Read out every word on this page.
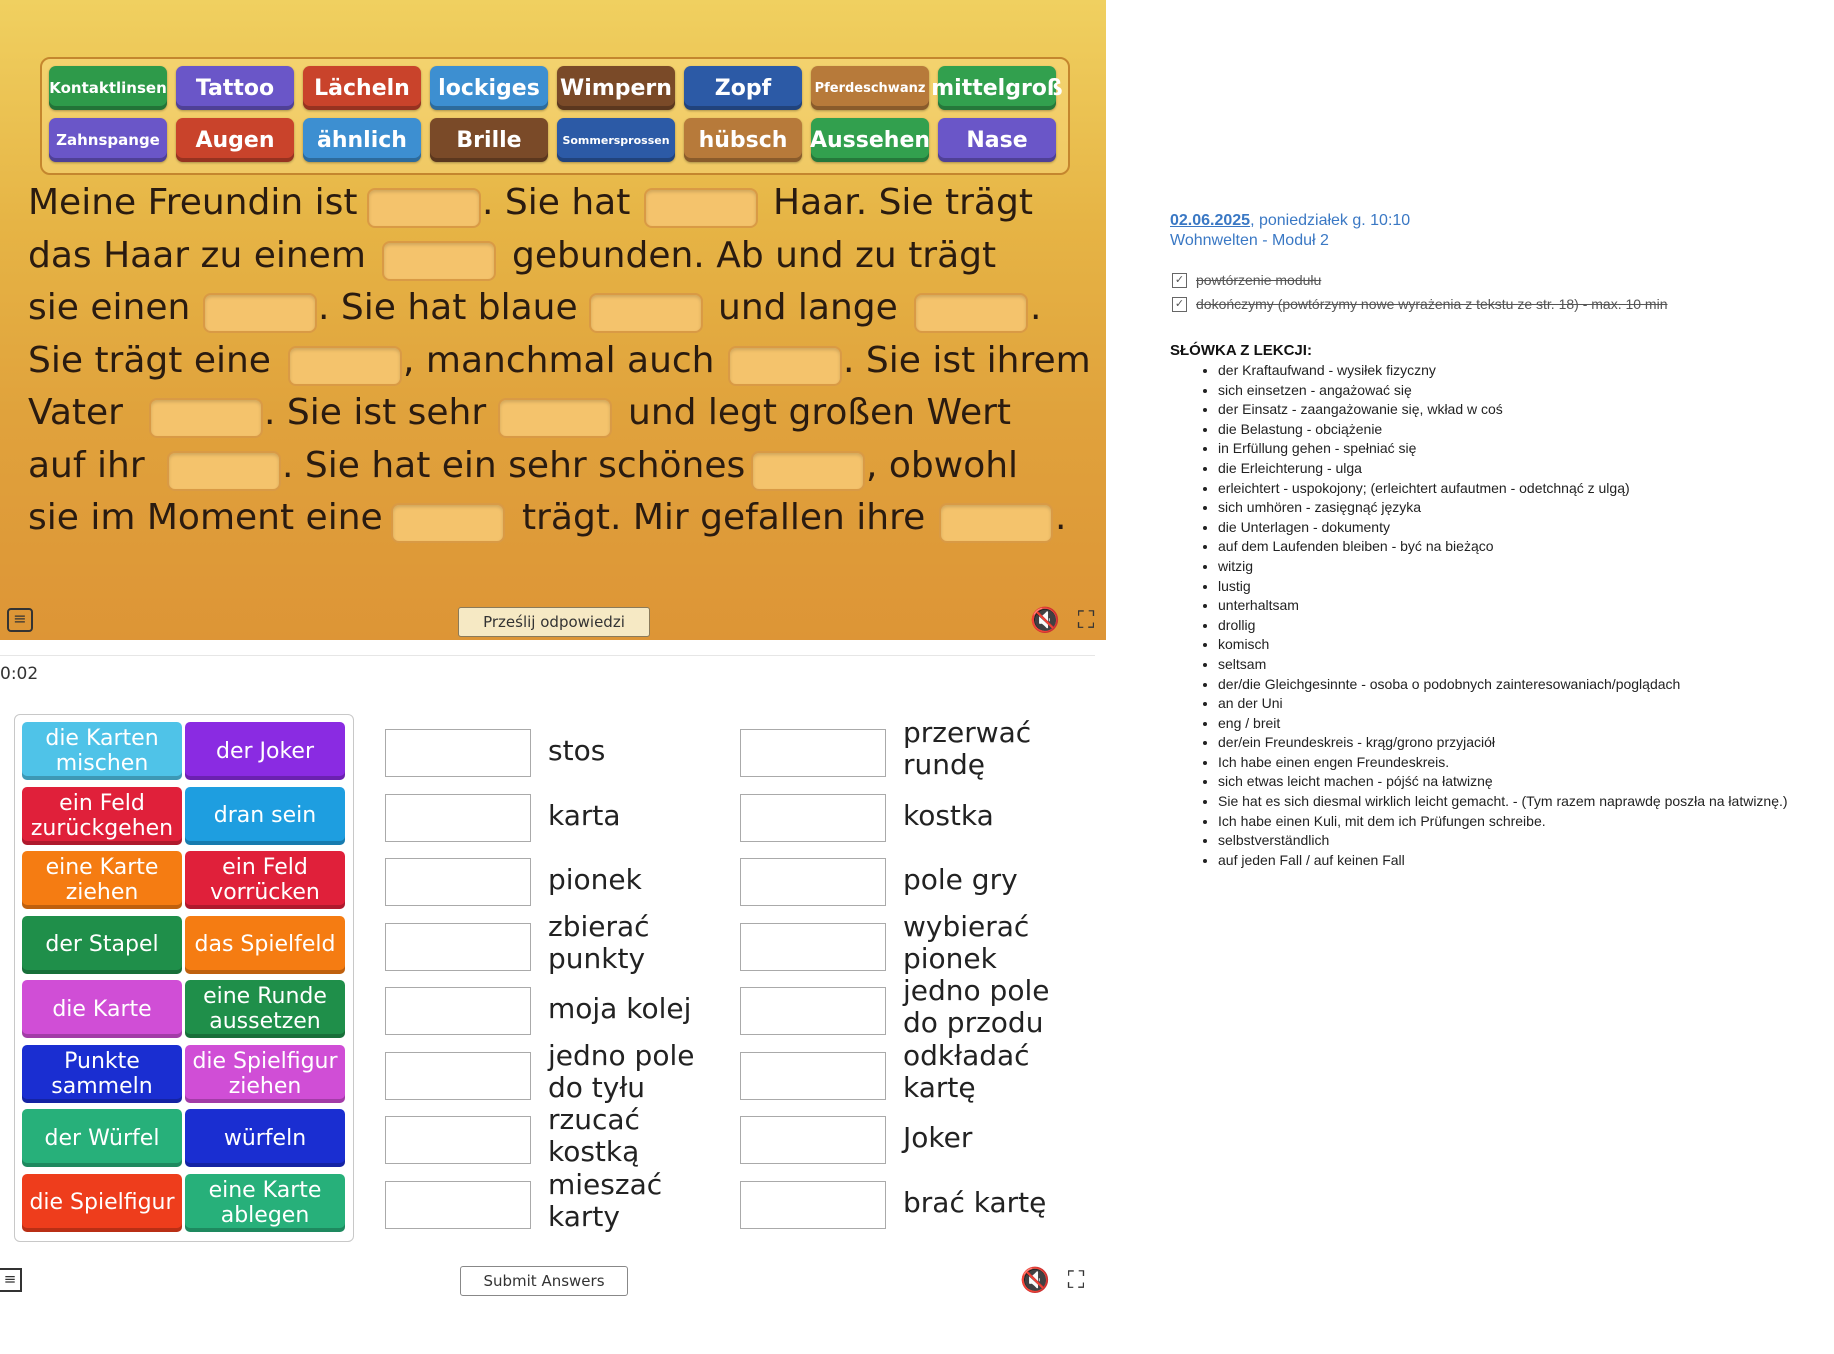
Kontaktlinsen	Tattoo	Lächeln	lockiges Wimpern	Zopf	Pferdeschwanz mittelgroß
Zahnspange	Augen	ähnlich	Brille	Sommersprossen	hübsch	Aussehen	Nase
Meine Freundin ist	. Sie hat	Haar. Sie trägt
das Haar zu einem	gebunden. Ab und zu trägt
sie einen	. Sie hat blaue	und lange	.
Sie trägt eine	, manchmal auch	. Sie ist ihrem
Vater	. Sie ist sehr	und legt großen Wert
auf ihr	. Sie hat ein sehr schönes	, obwohl
sie im Moment eine	trägt. Mir gefallen ihre	.
≡	Prześlij odpowiedzi	🔇 ⛶
0:02
die Karten mischen	der Joker
ein Feld zurückgehen	dran sein
eine Karte ziehen
ein Feld vorrücken
der Stapel	das Spielfeld
die Karte	eine Runde aussetzen
Punkte sammeln
die Spielfigur ziehen
der Würfel	würfeln
die Spielfigur	eine Karte ablegen
stos
karta
pionek
zbierać punkty
moja kolej
jedno pole do tyłu
rzucać kostką
mieszać karty
przerwać rundę
kostka
pole gry
wybierać pionek
jedno pole do przodu
odkładać kartę
Joker
brać kartę
≡	Submit Answers	🔇 ⛶
02.06.2025, poniedziałek g. 10:10
Wohnwelten - Moduł 2
✓ powtórzenie modułu
✓ dokończymy (powtórzymy nowe wyrażenia z tekstu ze str. 18) - max. 10 min
SŁÓWKA Z LEKCJI:
• der Kraftaufwand - wysiłek fizyczny
• sich einsetzen - angażować się
• der Einsatz - zaangażowanie się, wkład w coś
• die Belastung - obciążenie
• in Erfüllung gehen - spełniać się
• die Erleichterung - ulga
• erleichtert - uspokojony; (erleichtert aufautmen - odetchnąć z ulgą)
• sich umhören - zasięgnąć języka
• die Unterlagen - dokumenty
• auf dem Laufenden bleiben - być na bieżąco
• witzig
• lustig
• unterhaltsam
• drollig
• komisch
• seltsam
• der/die Gleichgesinnte - osoba o podobnych zainteresowaniach/poglądach
• an der Uni
• eng / breit
• der/ein Freundeskreis - krąg/grono przyjaciół
• Ich habe einen engen Freundeskreis.
• sich etwas leicht machen - pójść na łatwiznę
• Sie hat es sich diesmal wirklich leicht gemacht. - (Tym razem naprawdę poszła na łatwiznę.)
• Ich habe einen Kuli, mit dem ich Prüfungen schreibe.
• selbstverständlich
• auf jeden Fall / auf keinen Fall
